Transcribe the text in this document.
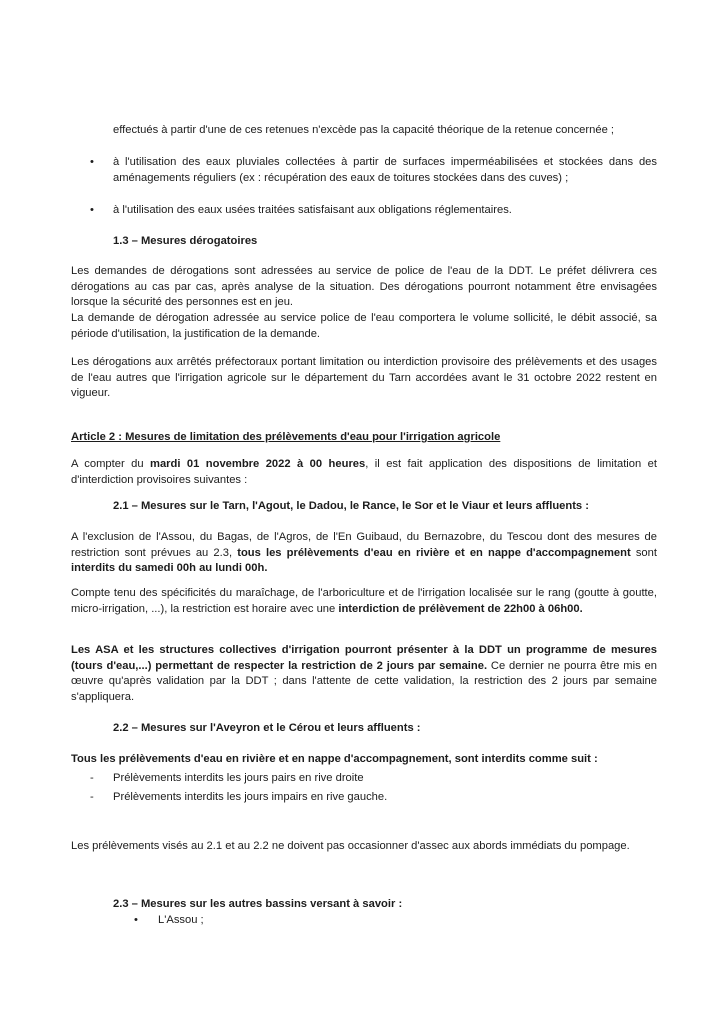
effectués à partir d'une de ces retenues n'excède pas la capacité théorique de la retenue concernée ;

•	à l'utilisation des eaux pluviales collectées à partir de surfaces imperméabilisées et stockées dans des aménagements réguliers (ex : récupération des eaux de toitures stockées dans des cuves) ;
•	à l'utilisation des eaux usées traitées satisfaisant aux obligations réglementaires.

1.3 – Mesures dérogatoires

Les demandes de dérogations sont adressées au service de police de l'eau de la DDT. Le préfet délivrera ces dérogations au cas par cas, après analyse de la situation. Des dérogations pourront notamment être envisagées lorsque la sécurité des personnes est en jeu.

La demande de dérogation adressée au service police de l'eau comportera le volume sollicité, le débit associé, sa période d'utilisation, la justification de la demande.

Les dérogations aux arrêtés préfectoraux portant limitation ou interdiction provisoire des prélèvements et des usages de l'eau autres que l'irrigation agricole sur le département du Tarn accordées avant le 31 octobre 2022 restent en vigueur.

Article 2 : Mesures de limitation des prélèvements d'eau pour l'irrigation agricole

A compter du mardi 01 novembre 2022 à 00 heures, il est fait application des dispositions de limitation et d'interdiction provisoires suivantes :

2.1 – Mesures sur le Tarn, l'Agout, le Dadou, le Rance, le Sor et le Viaur et leurs affluents :

A l'exclusion de l'Assou, du Bagas, de l'Agros, de l'En Guibaud, du Bernazobre, du Tescou dont des mesures de restriction sont prévues au 2.3, tous les prélèvements d'eau en rivière et en nappe d'accompagnement sont interdits du samedi 00h au lundi 00h.

Compte tenu des spécificités du maraîchage, de l'arboriculture et de l'irrigation localisée sur le rang (goutte à goutte, micro-irrigation, ...), la restriction est horaire avec une interdiction de prélèvement de 22h00 à 06h00.

Les ASA et les structures collectives d'irrigation pourront présenter à la DDT un programme de mesures (tours d'eau,...) permettant de respecter la restriction de 2 jours par semaine. Ce dernier ne pourra être mis en œuvre qu'après validation par la DDT ; dans l'attente de cette validation, la restriction des 2 jours par semaine s'appliquera.

2.2 – Mesures sur l'Aveyron et le Cérou et leurs affluents :

Tous les prélèvements d'eau en rivière et en nappe d'accompagnement, sont interdits comme suit :

-	Prélèvements interdits les jours pairs en rive droite
-	Prélèvements interdits les jours impairs en rive gauche.

Les prélèvements visés au 2.1 et au 2.2 ne doivent pas occasionner d'assec aux abords immédiats du pompage.

2.3 – Mesures sur les autres bassins versant à savoir :

•	L'Assou ;
